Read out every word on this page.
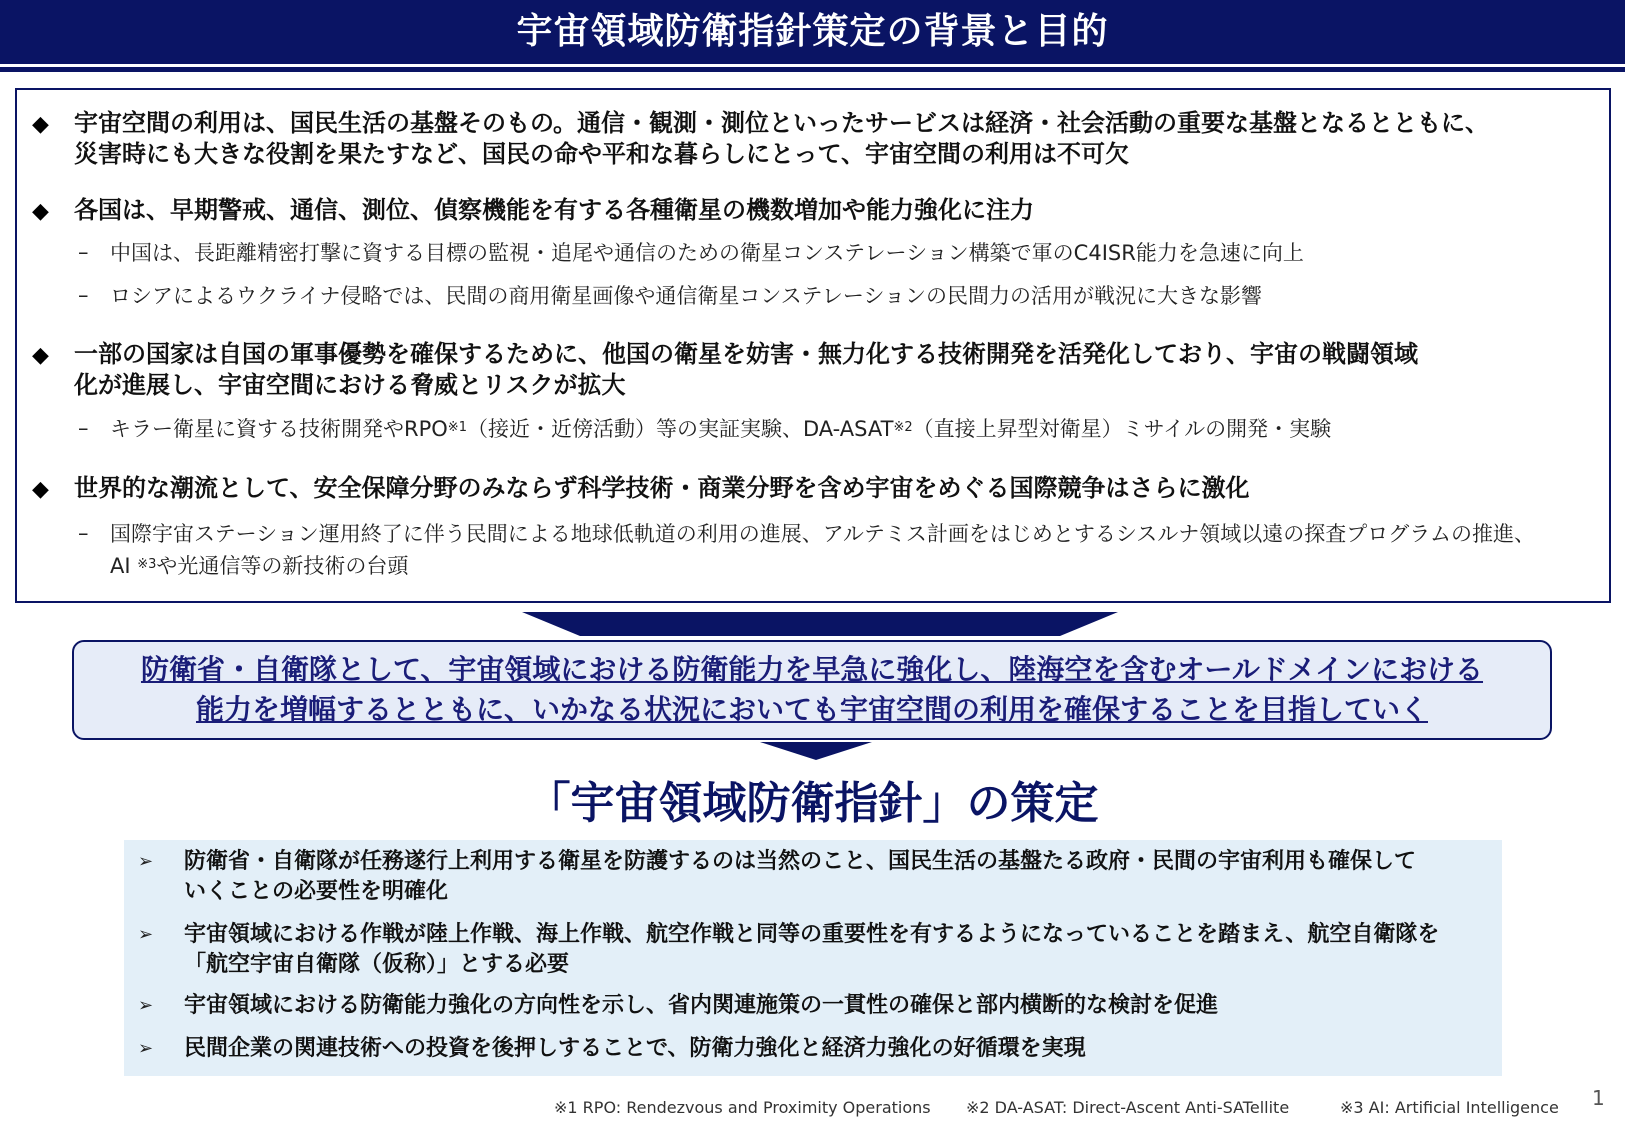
宇宙領域防衛指針策定の背景と目的
◆ 宇宙空間の利用は、国民生活の基盤そのもの。通信・観測・測位といったサービスは経済・社会活動の重要な基盤となるとともに、
災害時にも大きな役割を果たすなど、国民の命や平和な暮らしにとって、宇宙空間の利用は不可欠
◆ 各国は、早期警戒、通信、測位、偵察機能を有する各種衛星の機数増加や能力強化に注力
– 中国は、長距離精密打撃に資する目標の監視・追尾や通信のための衛星コンステレーション構築で軍のC4ISR能力を急速に向上
– ロシアによるウクライナ侵略では、民間の商用衛星画像や通信衛星コンステレーションの民間力の活用が戦況に大きな影響
◆ 一部の国家は自国の軍事優勢を確保するために、他国の衛星を妨害・無力化する技術開発を活発化しており、宇宙の戦闘領域
化が進展し、宇宙空間における脅威とリスクが拡大
– キラー衛星に資する技術開発やRPO$^{※1}$（接近・近傍活動）等の実証実験、DA-ASAT$^{※2}$（直接上昇型対衛星）ミサイルの開発・実験
◆ 世界的な潮流として、安全保障分野のみならず科学技術・商業分野を含め宇宙をめぐる国際競争はさらに激化
– 国際宇宙ステーション運用終了に伴う民間による地球低軌道の利用の進展、アルテミス計画をはじめとするシスルナ領域以遠の探査プログラムの推進、
AI $^{※3}$や光通信等の新技術の台頭
防衛省・自衛隊として、宇宙領域における防衛能力を早急に強化し、陸海空を含むオールドメインにおける
能力を増幅するとともに、いかなる状況においても宇宙空間の利用を確保することを目指していく
「宇宙領域防衛指針」の策定
➢ 防衛省・自衛隊が任務遂行上利用する衛星を防護するのは当然のこと、国民生活の基盤たる政府・民間の宇宙利用も確保して
いくことの必要性を明確化
➢ 宇宙領域における作戦が陸上作戦、海上作戦、航空作戦と同等の重要性を有するようになっていることを踏まえ、航空自衛隊を
「航空宇宙自衛隊（仮称）」とする必要
➢ 宇宙領域における防衛能力強化の方向性を示し、省内関連施策の一貫性の確保と部内横断的な検討を促進
➢ 民間企業の関連技術への投資を後押しすることで、防衛力強化と経済力強化の好循環を実現
※1 RPO: Rendezvous and Proximity Operations ※2 DA-ASAT: Direct-Ascent Anti-SATellite	※3 AI: Artificial Intelligence 1
